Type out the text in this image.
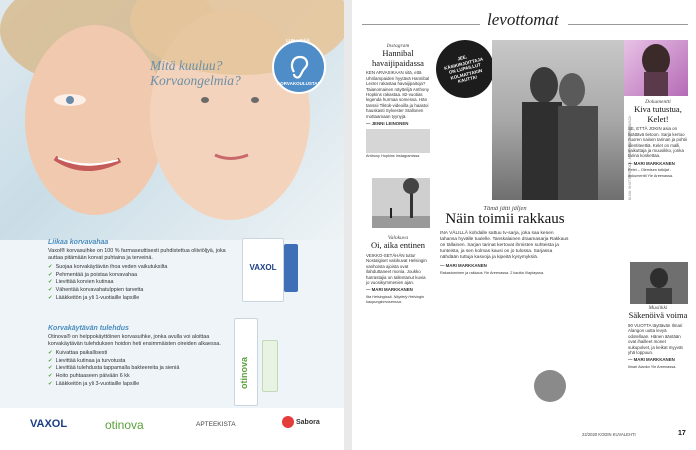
Mitä kuuluu?
Korvaongelmia?
LUE LISÄÄ
KORVAKOULUSTA!
Liikaa korvavahaa
Vaxol® korvasuihke on 100 % farmaseuttisesti puhdistettua oliiviöljyä, joka auttaa pitämään korvat puhtaina ja terveinä.
✔ Suojaa korvakäytävän ihoa veden vaikutuksilta
✔ Pehmentää ja poistaa korvavahaa
✔ Lievittää korvien kutinaa
✔ Vähentää korvavahatulppien tarvetta
✔ Lääkkeitön ja yli 1-vuotiaille lapsille
Korvakäytävän tulehdus
Otinova® on helppokäyttöinen korvasuihke, jonka avulla voi aloittaa korvakäytävän tulehduksen hoidon heti ensimmäisten oireiden alkaessa.
✔ Kuivattaa paikallisesti
✔ Lievittää kutinaa ja turvotusta
✔ Lievittää tulehdusta tappamalla bakteereita ja sieniä
✔ Hoito puhtaaseen päivään 6 kk
✔ Lääkkeitön ja yli 3-vuotiaille lapsille
VAXOL
otinova
VAXOL	otinova	APTEEKISTA	Sabora
levottomat
Instagram
Hannibal havaijipaidassa
KEN ARVASIKAAN sitä, että Uhrilampaiden hyytävä Hannibal Lecter rakastaa havaijipaitoja? Taianomainen näyttelijä Anthony Hopkins rakastaa. 82-vuotias legenda hurmaa somessa. Hän tanssii Tiktok-videoilla ja haastoi hauskasti Sylvester Stallonen mottaamaan tyynyjä.
— JENNI LEINONEN
Anthony Hopkins Instagramissa
JEE, KÄSIKIRJOITTAJA ON LUPAILLUT KOLMATTAKIN KAUTTA!
KUVA: SHUTTERSTOCK, JOSEPHINE BORNEBUSCH
Valokuva
Oi, aika entinen
VEIKKO-SETÄHÄN tuttu! Nostalgiset valokuvat Helsingin vanhoista ajoista ovat ilahduttaneet monia. Joukko harrastajia on tallentanut kuvia jo vuosikymmenien ajan.
— MARI MARKKANEN
Ilta Helsingissä. Näyttely Helsingin kaupunginmuseossa.
Tämä jätti jäljen
Näin toimii rakkaus
INA VÄLILLÄ kohdalle sattuu tv-sarja, joka saa kenen tahansa hyvälle tuulelle. Tanskalainen draamasarja Rakkaus on tällainen. Sarjan tarinat kertovat ihmisten suhteista ja tunteista, ja sen kolmas kausi on jo tulossa. Sarjassa nähdään tuttuja kasvoja ja kipeitä kysymyksiä.
— MARI MARKKANEN
Rakastuminen ja rakkaus Yle Areenassa. 2 kautta Viaplayssa.
Dokumentti
Kiva tutustua, Kelet!
SE, ETTÄ JOKIN asia on lisättävä tietoon. Sarja kertoo nuoren naisen tarinan ja pohtii identiteettiä. Kelet on malli, vaikuttaja ja muusikko, jonka tarina koskettaa.
— MARI MARKKANEN
Kelet – Olemisen tutkijat -dokumentti Yle Areenassa.
Musiikki
Säkenöivä voima
90 VUOTTA täyttävän Ilmari Alangon uutta levyä odotellaan. Hänen ääntään ovat ihailleet monet sukupolvet, ja keikat myyvät yhä loppuun.
— MARI MARKKANEN
Ilmari Alanko Yle Areenassa.
22/2020 KODIN KUVALEHTI	17
